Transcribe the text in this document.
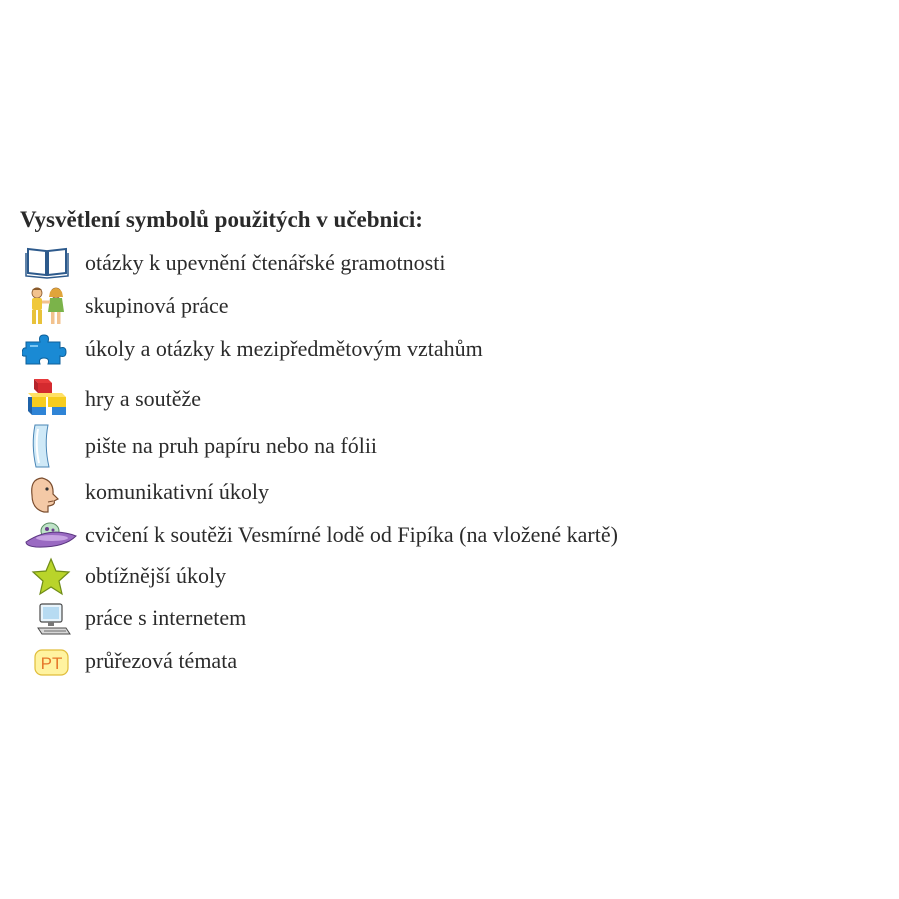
Vysvětlení symbolů použitých v učebnici:
otázky k upevnění čtenářské gramotnosti
skupinová práce
úkoly a otázky k mezipředmětovým vztahům
hry a soutěže
pište na pruh papíru nebo na fólii
komunikativní úkoly
cvičení k soutěži Vesmírné lodě od Fipíka (na vložené kartě)
obtížnější úkoly
práce s internetem
PT průřezová témata
